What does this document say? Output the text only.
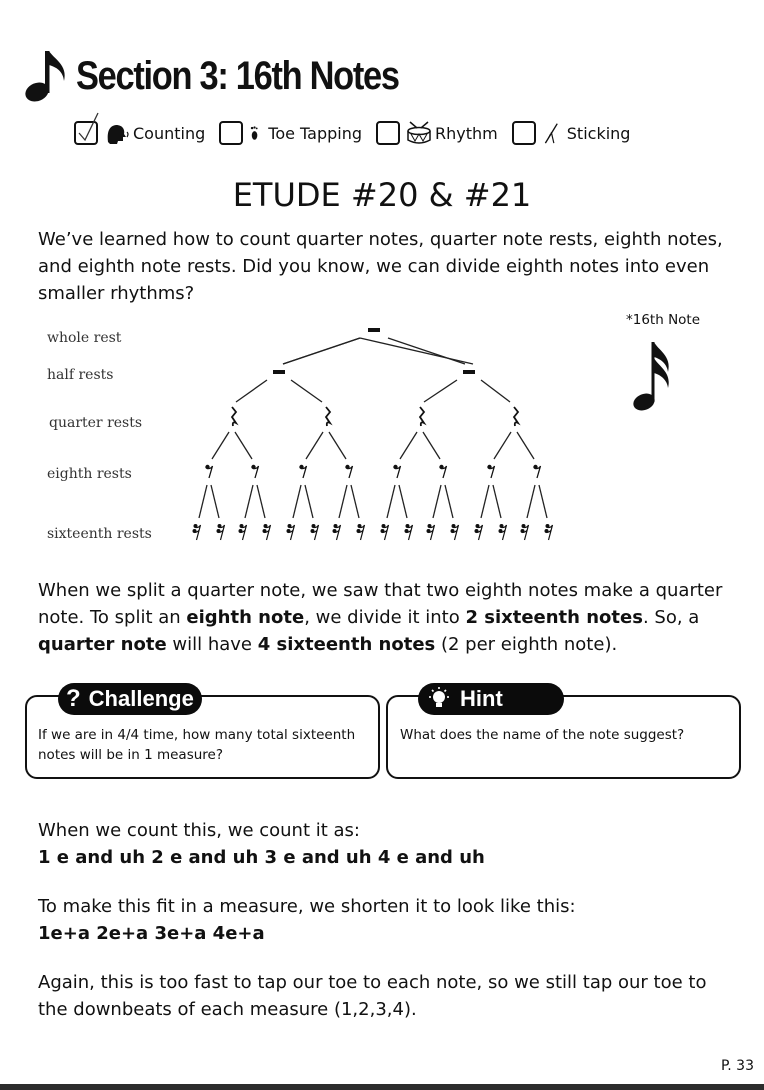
Section 3: 16th Notes
Counting	Toe Tapping	Rhythm	Sticking
ETUDE #20 & #21

We’ve learned how to count quarter notes, quarter note rests, eighth notes, and eighth note rests. Did you know, we can divide eighth notes into even smaller rhythms?

whole rest
half rests
quarter rests
eighth rests
sixteenth rests
*16th Note

When we split a quarter note, we saw that two eighth notes make a quarter note. To split an eighth note, we divide it into 2 sixteenth notes. So, a quarter note will have 4 sixteenth notes (2 per eighth note).

? Challenge
If we are in 4/4 time, how many total sixteenth notes will be in 1 measure?
Hint
What does the name of the note suggest?

When we count this, we count it as:

1 e and uh 2 e and uh 3 e and uh 4 e and uh

To make this fit in a measure, we shorten it to look like this:

1e+a 2e+a 3e+a 4e+a

Again, this is too fast to tap our toe to each note, so we still tap our toe to the downbeats of each measure (1,2,3,4).

P. 33
